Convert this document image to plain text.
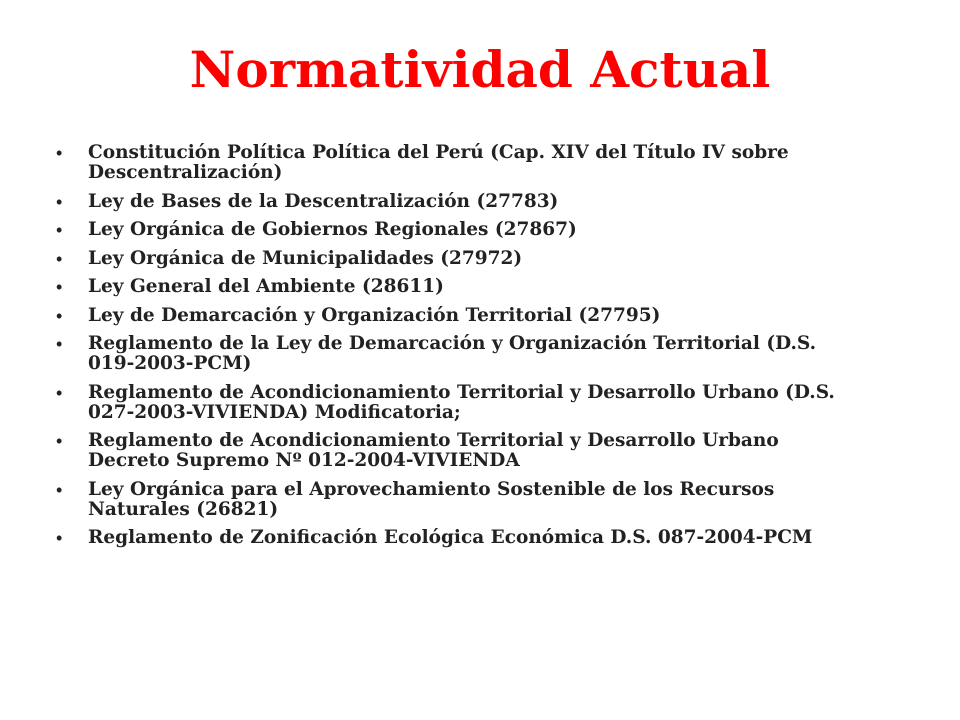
Normatividad Actual
• Constitución Política Política del Perú (Cap. XIV del Título IV sobre Descentralización)
• Ley de Bases de la Descentralización (27783)
• Ley Orgánica de Gobiernos Regionales (27867)
• Ley Orgánica de Municipalidades (27972)
• Ley General del Ambiente (28611)
• Ley de Demarcación y Organización Territorial (27795)
• Reglamento de la Ley de Demarcación y Organización Territorial (D.S. 019-2003-PCM)
• Reglamento de Acondicionamiento Territorial y Desarrollo Urbano (D.S. 027-2003-VIVIENDA) Modificatoria;
• Reglamento de Acondicionamiento Territorial y Desarrollo Urbano Decreto Supremo Nº 012-2004-VIVIENDA
• Ley Orgánica para el Aprovechamiento Sostenible de los Recursos Naturales (26821)
• Reglamento de Zonificación Ecológica Económica D.S. 087-2004-PCM
